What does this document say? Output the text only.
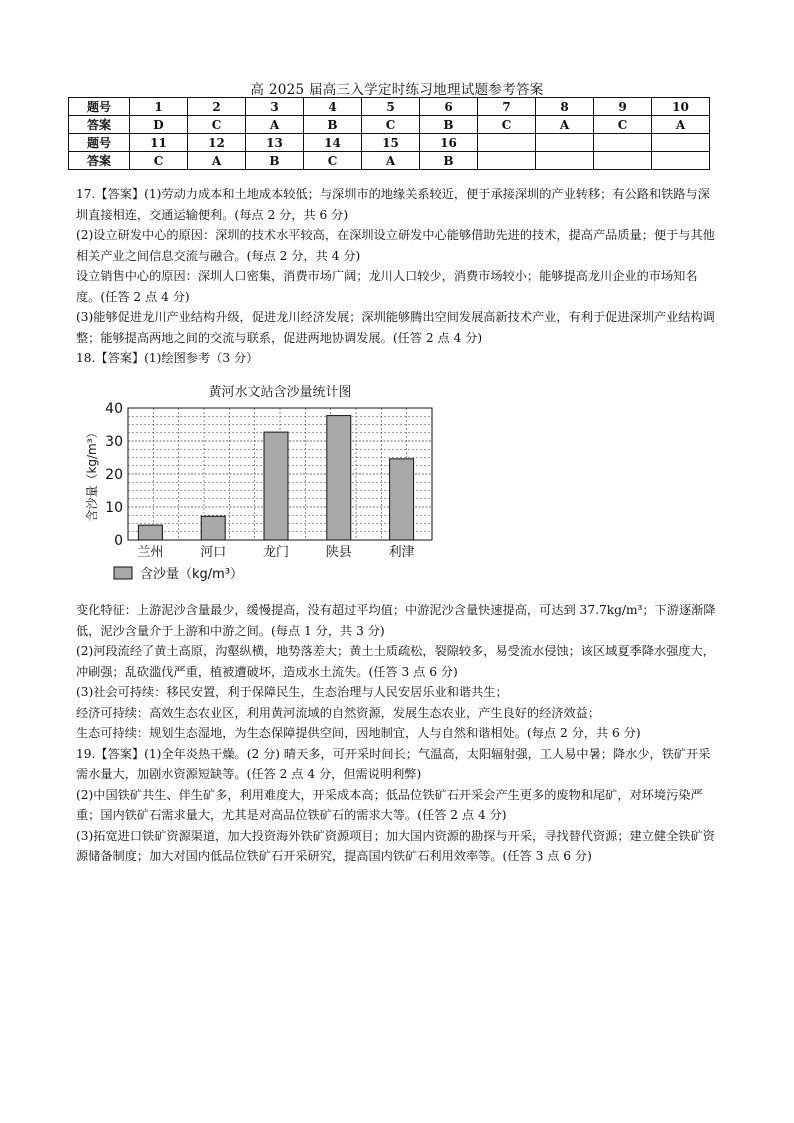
高 2025 届高三入学定时练习地理试题参考答案
题号	1	2	3	4	5	6	7	8	9	10
答案	D	C	A	B	C	B	C	A	C	A
题号	11	12	13	14	15	16				
答案	C	A	B	C	A	B				

17.【答案】(1)劳动力成本和土地成本较低；与深圳市的地缘关系较近，便于承接深圳的产业转移；有公路和铁路与深圳直接相连，交通运输便利。(每点 2 分，共 6 分)

(2)设立研发中心的原因：深圳的技术水平较高，在深圳设立研发中心能够借助先进的技术，提高产品质量；便于与其他相关产业之间信息交流与融合。(每点 2 分，共 4 分)

设立销售中心的原因：深圳人口密集，消费市场广阔；龙川人口较少，消费市场较小；能够提高龙川企业的市场知名度。(任答 2 点 4 分)

(3)能够促进龙川产业结构升级，促进龙川经济发展；深圳能够腾出空间发展高新技术产业，有利于促进深圳产业结构调整；能够提高两地之间的交流与联系，促进两地协调发展。(任答 2 点 4 分)

18.【答案】(1)绘图参考（3 分）

黄河水文站含沙量统计图
0
10
20
30
40
含沙量（kg/m³）
兰州	河口	龙门	陕县	利津
含沙量（kg/m³）

变化特征：上游泥沙含量最少，缓慢提高，没有超过平均值；中游泥沙含量快速提高，可达到 37.7kg/m³；下游逐渐降低，泥沙含量介于上游和中游之间。(每点 1 分，共 3 分)

(2)河段流经了黄土高原，沟壑纵横，地势落差大；黄土土质疏松，裂隙较多，易受流水侵蚀；该区域夏季降水强度大，冲刷强；乱砍滥伐严重，植被遭破坏，造成水土流失。(任答 3 点 6 分)

(3)社会可持续：移民安置，利于保障民生，生态治理与人民安居乐业和谐共生；

经济可持续：高效生态农业区，利用黄河流域的自然资源，发展生态农业，产生良好的经济效益；

生态可持续：规划生态湿地，为生态保障提供空间，因地制宜，人与自然和谐相处。(每点 2 分，共 6 分)

19.【答案】(1)全年炎热干燥。(2 分) 晴天多，可开采时间长；气温高，太阳辐射强，工人易中暑；降水少，铁矿开采需水量大，加剧水资源短缺等。(任答 2 点 4 分，但需说明利弊)

(2)中国铁矿共生、伴生矿多，利用难度大，开采成本高；低品位铁矿石开采会产生更多的废物和尾矿，对环境污染严重；国内铁矿石需求量大，尤其是对高品位铁矿石的需求大等。(任答 2 点 4 分)

(3)拓宽进口铁矿资源渠道，加大投资海外铁矿资源项目；加大国内资源的勘探与开采，寻找替代资源；建立健全铁矿资源储备制度；加大对国内低品位铁矿石开采研究，提高国内铁矿石利用效率等。(任答 3 点 6 分)
